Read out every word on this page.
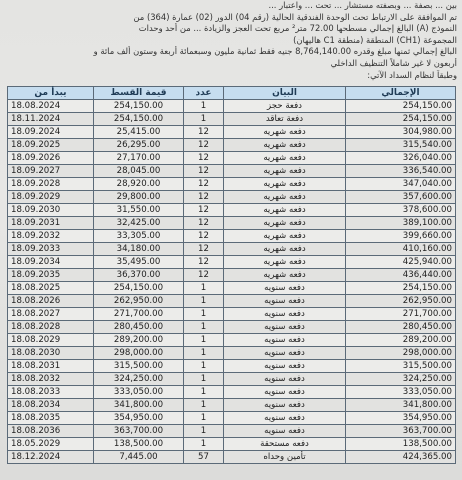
بين ... بصفة ... وبصفته مستشار ... تحت ... واعتبار ...
تم الموافقة على الارتباط تحت الوحدة الفندقية الحالية (رقم 04) الدور (02) عمارة (364) من
النموذج (A) البالغ إجمالي مسطحها 72.00 متر² مربع تحت العجز والزيادة ... من أحد وحدات
المجموعة (CH1) المنطقة (منطقة C1 هاليهان)
البالغ إجمالي ثمنها مبلغ وقدره 8,764,140.00 جنيه فقط ثمانية مليون وسبعمائة أربعة وستون ألف مائة و
أربعون لا غير شاملاً التنظيف الداخلي
وطبقاً لنظام السداد الآتي:
يبدأ من	قيمة القسط	عدد	البيان	الإجمالي
18.08.2024	254,150.00	1	دفعة حجز	254,150.00
18.11.2024	254,150.00	1	دفعة تعاقد	254,150.00
18.09.2024	25,415.00	12	دفعه شهريه	304,980.00
18.09.2025	26,295.00	12	دفعه شهريه	315,540.00
18.09.2026	27,170.00	12	دفعه شهريه	326,040.00
18.09.2027	28,045.00	12	دفعه شهريه	336,540.00
18.09.2028	28,920.00	12	دفعه شهريه	347,040.00
18.09.2029	29,800.00	12	دفعه شهريه	357,600.00
18.09.2030	31,550.00	12	دفعه شهريه	378,600.00
18.09.2031	32,425.00	12	دفعه شهريه	389,100.00
18.09.2032	33,305.00	12	دفعه شهريه	399,660.00
18.09.2033	34,180.00	12	دفعه شهريه	410,160.00
18.09.2034	35,495.00	12	دفعه شهريه	425,940.00
18.09.2035	36,370.00	12	دفعه شهريه	436,440.00
18.08.2025	254,150.00	1	دفعه سنويه	254,150.00
18.08.2026	262,950.00	1	دفعه سنويه	262,950.00
18.08.2027	271,700.00	1	دفعه سنويه	271,700.00
18.08.2028	280,450.00	1	دفعه سنويه	280,450.00
18.08.2029	289,200.00	1	دفعه سنويه	289,200.00
18.08.2030	298,000.00	1	دفعه سنويه	298,000.00
18.08.2031	315,500.00	1	دفعه سنويه	315,500.00
18.08.2032	324,250.00	1	دفعه سنويه	324,250.00
18.08.2033	333,050.00	1	دفعه سنويه	333,050.00
18.08.2034	341,800.00	1	دفعه سنويه	341,800.00
18.08.2035	354,950.00	1	دفعه سنويه	354,950.00
18.08.2036	363,700.00	1	دفعه سنويه	363,700.00
18.05.2029	138,500.00	1	دفعه مستحقة	138,500.00
18.12.2024	7,445.00	57	تأمين وحداه	424,365.00
